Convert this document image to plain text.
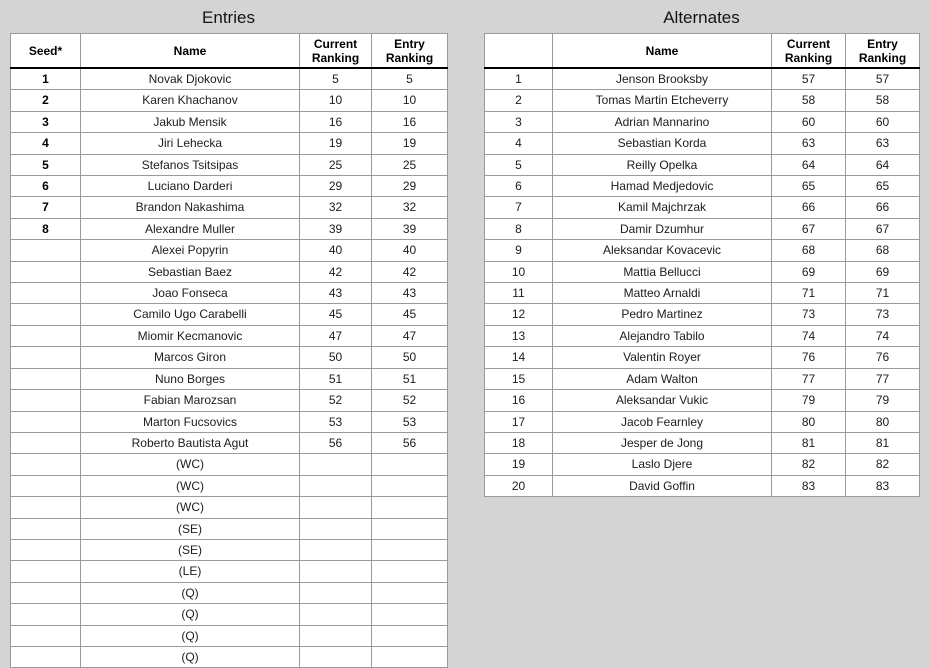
Entries
Seed*	Name	Current Ranking	Entry Ranking
1	Novak Djokovic	5	5
2	Karen Khachanov	10	10
3	Jakub Mensik	16	16
4	Jiri Lehecka	19	19
5	Stefanos Tsitsipas	25	25
6	Luciano Darderi	29	29
7	Brandon Nakashima	32	32
8	Alexandre Muller	39	39
	Alexei Popyrin	40	40
	Sebastian Baez	42	42
	Joao Fonseca	43	43
	Camilo Ugo Carabelli	45	45
	Miomir Kecmanovic	47	47
	Marcos Giron	50	50
	Nuno Borges	51	51
	Fabian Marozsan	52	52
	Marton Fucsovics	53	53
	Roberto Bautista Agut	56	56
	(WC)		
	(WC)		
	(WC)		
	(SE)		
	(SE)		
	(LE)		
	(Q)		
	(Q)		
	(Q)		
	(Q)		
Alternates
	Name	Current Ranking	Entry Ranking
1	Jenson Brooksby	57	57
2	Tomas Martin Etcheverry	58	58
3	Adrian Mannarino	60	60
4	Sebastian Korda	63	63
5	Reilly Opelka	64	64
6	Hamad Medjedovic	65	65
7	Kamil Majchrzak	66	66
8	Damir Dzumhur	67	67
9	Aleksandar Kovacevic	68	68
10	Mattia Bellucci	69	69
11	Matteo Arnaldi	71	71
12	Pedro Martinez	73	73
13	Alejandro Tabilo	74	74
14	Valentin Royer	76	76
15	Adam Walton	77	77
16	Aleksandar Vukic	79	79
17	Jacob Fearnley	80	80
18	Jesper de Jong	81	81
19	Laslo Djere	82	82
20	David Goffin	83	83
